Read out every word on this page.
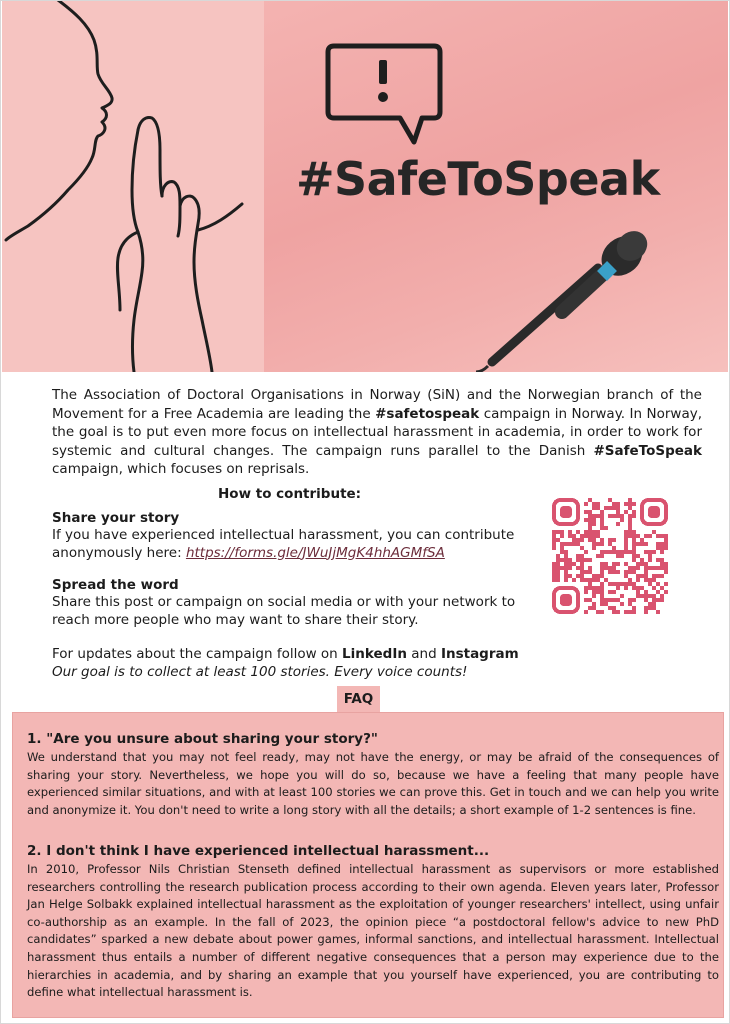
#SafeToSpeak

The Association of Doctoral Organisations in Norway (SiN) and the Norwegian branch of the Movement for a Free Academia are leading the #safetospeak campaign in Norway. In Norway, the goal is to put even more focus on intellectual harassment in academia, in order to work for systemic and cultural changes. The campaign runs parallel to the Danish #SafeToSpeak campaign, which focuses on reprisals.

How to contribute:
Share your story
If you have experienced intellectual harassment, you can contribute anonymously here: https://forms.gle/JWuJjMgK4hhAGMfSA
Spread the word
Share this post or campaign on social media or with your network to reach more people who may want to share their story.
For updates about the campaign follow on LinkedIn and Instagram
Our goal is to collect at least 100 stories. Every voice counts!
FAQ
1. "Are you unsure about sharing your story?"
We understand that you may not feel ready, may not have the energy, or may be afraid of the consequences of sharing your story. Nevertheless, we hope you will do so, because we have a feeling that many people have experienced similar situations, and with at least 100 stories we can prove this. Get in touch and we can help you write and anonymize it. You don't need to write a long story with all the details; a short example of 1-2 sentences is fine.
2. I don't think I have experienced intellectual harassment...
In 2010, Professor Nils Christian Stenseth defined intellectual harassment as supervisors or more established researchers controlling the research publication process according to their own agenda. Eleven years later, Professor Jan Helge Solbakk explained intellectual harassment as the exploitation of younger researchers' intellect, using unfair co-authorship as an example. In the fall of 2023, the opinion piece “a postdoctoral fellow's advice to new PhD candidates” sparked a new debate about power games, informal sanctions, and intellectual harassment. Intellectual harassment thus entails a number of different negative consequences that a person may experience due to the hierarchies in academia, and by sharing an example that you yourself have experienced, you are contributing to define what intellectual harassment is.
